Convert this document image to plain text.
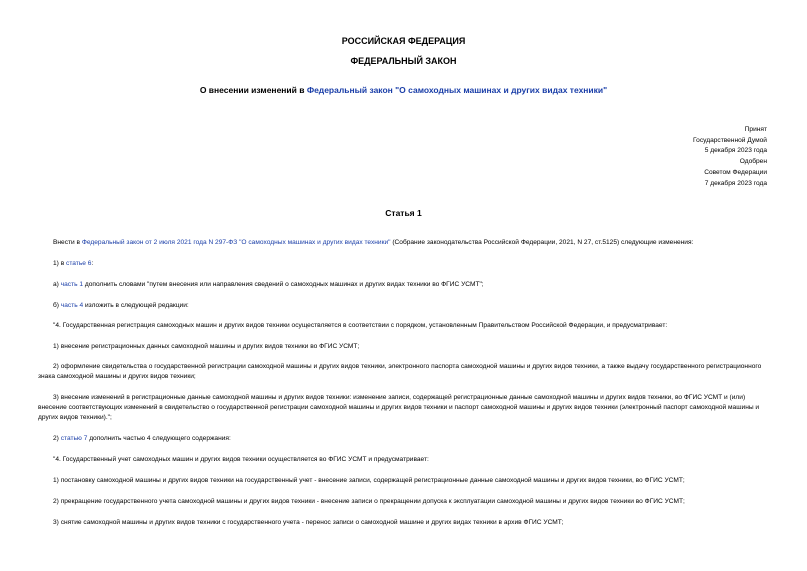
РОССИЙСКАЯ ФЕДЕРАЦИЯ
ФЕДЕРАЛЬНЫЙ ЗАКОН
О внесении изменений в Федеральный закон "О самоходных машинах и других видах техники"
Принят
Государственной Думой
5 декабря 2023 года
Одобрен
Советом Федерации
7 декабря 2023 года
Статья 1

Внести в Федеральный закон от 2 июля 2021 года N 297-ФЗ "О самоходных машинах и других видах техники" (Собрание законодательства Российской Федерации, 2021, N 27, ст.5125) следующие изменения:

1) в статье 6:

а) часть 1 дополнить словами "путем внесения или направления сведений о самоходных машинах и других видах техники во ФГИС УСМТ";

б) часть 4 изложить в следующей редакции:

"4. Государственная регистрация самоходных машин и других видов техники осуществляется в соответствии с порядком, установленным Правительством Российской Федерации, и предусматривает:

1) внесение регистрационных данных самоходной машины и других видов техники во ФГИС УСМТ;

2) оформление свидетельства о государственной регистрации самоходной машины и других видов техники, электронного паспорта самоходной машины и других видов техники, а также выдачу государственного регистрационного знака самоходной машины и других видов техники;

3) внесение изменений в регистрационные данные самоходной машины и других видов техники: изменение записи, содержащей регистрационные данные самоходной машины и других видов техники, во ФГИС УСМТ и (или) внесение соответствующих изменений в свидетельство о государственной регистрации самоходной машины и других видов техники и паспорт самоходной машины и других видов техники (электронный паспорт самоходной машины и других видов техники).";

2) статью 7 дополнить частью 4 следующего содержания:

"4. Государственный учет самоходных машин и других видов техники осуществляется во ФГИС УСМТ и предусматривает:

1) постановку самоходной машины и других видов техники на государственный учет - внесение записи, содержащей регистрационные данные самоходной машины и других видов техники, во ФГИС УСМТ;

2) прекращение государственного учета самоходной машины и других видов техники - внесение записи о прекращении допуска к эксплуатации самоходной машины и других видов техники во ФГИС УСМТ;

3) снятие самоходной машины и других видов техники с государственного учета - перенос записи о самоходной машине и других видах техники в архив ФГИС УСМТ;
